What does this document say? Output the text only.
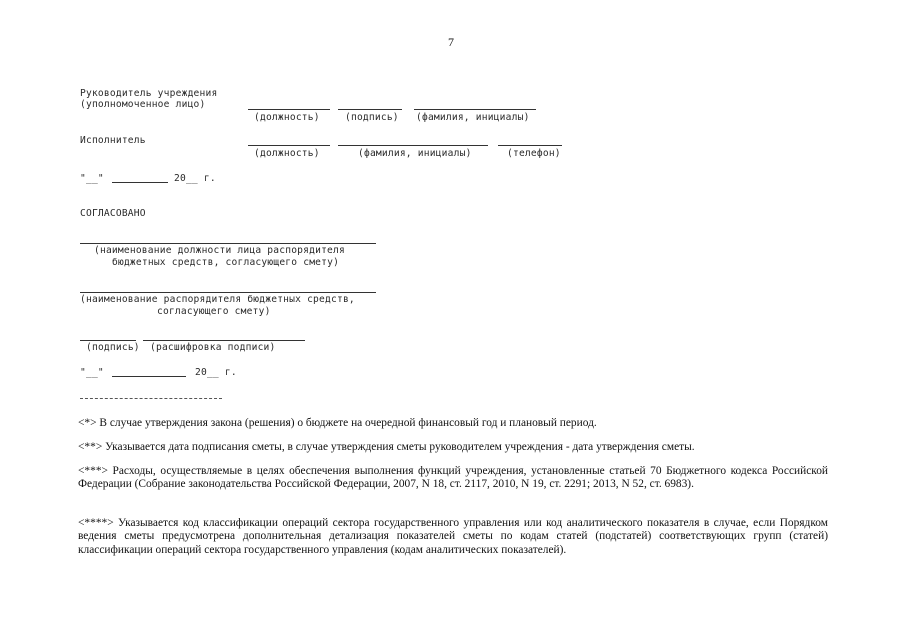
7
Руководитель учреждения
(уполномоченное лицо)
(должность)	(подпись) (фамилия, инициалы)
Исполнитель
(должность)	(фамилия, инициалы)	(телефон)
"__"	20__ г.
СОГЛАСОВАНО
(наименование должности лица распорядителя
бюджетных средств, согласующего смету)
(наименование распорядителя бюджетных средств,
согласующего смету)
(подпись) (расшифровка подписи)
"__"	20__ г.
<*> В случае утверждения закона (решения) о бюджете на очередной финансовый год и плановый период.
<**> Указывается дата подписания сметы, в случае утверждения сметы руководителем учреждения - дата утверждения сметы.
<***> Расходы, осуществляемые в целях обеспечения выполнения функций учреждения, установленные статьей 70 Бюджетного кодекса Российской Федерации (Собрание законодательства Российской Федерации, 2007, N 18, ст. 2117, 2010, N 19, ст. 2291; 2013, N 52, ст. 6983).
<****> Указывается код классификации операций сектора государственного управления или код аналитического показателя в случае, если Порядком ведения сметы предусмотрена дополнительная детализация показателей сметы по кодам статей (подстатей) соответствующих групп (статей) классификации операций сектора государственного управления (кодам аналитических показателей).
